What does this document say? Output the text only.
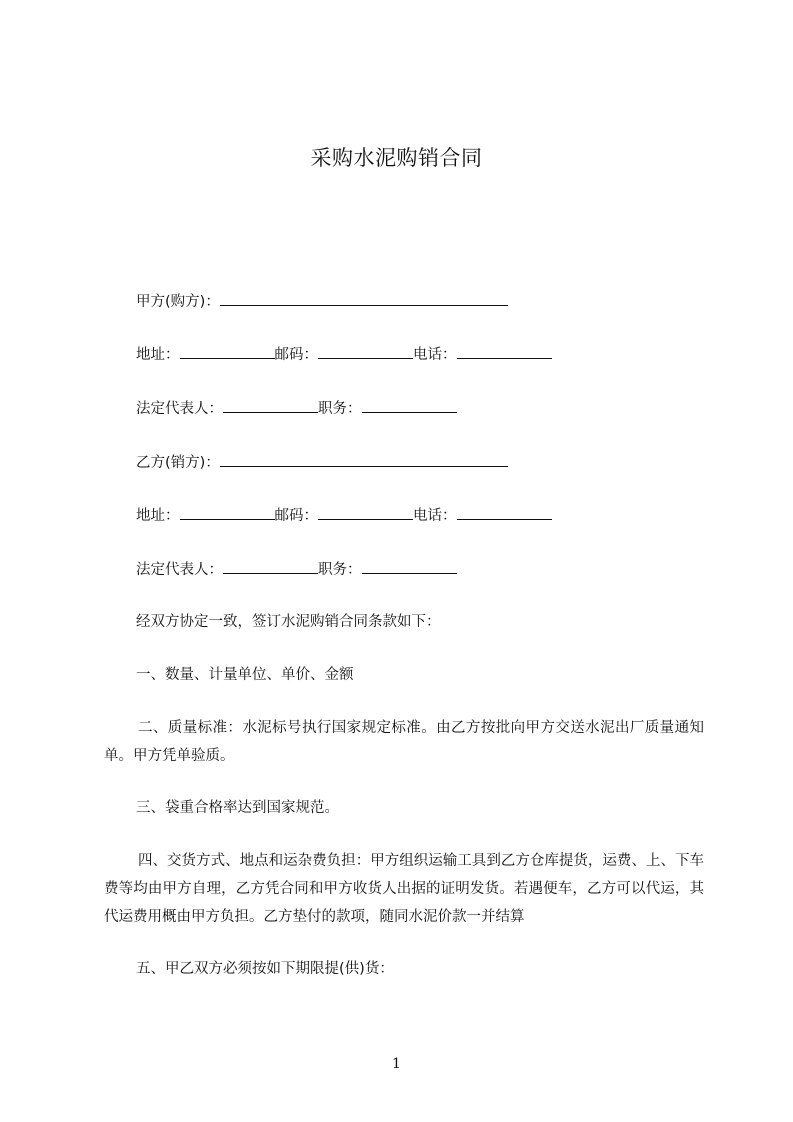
采购水泥购销合同
甲方(购方)：
地址：	邮码：	电话：
法定代表人：	职务：
乙方(销方)：
地址：	邮码：	电话：
法定代表人：	职务：
经双方协定一致，签订水泥购销合同条款如下：
一、数量、计量单位、单价、金额
二、质量标准：水泥标号执行国家规定标准。由乙方按批向甲方交送水泥出厂质量通知单。甲方凭单验质。
三、袋重合格率达到国家规范。
四、交货方式、地点和运杂费负担：甲方组织运输工具到乙方仓库提货，运费、上、下车费等均由甲方自理，乙方凭合同和甲方收货人出据的证明发货。若遇便车，乙方可以代运，其代运费用概由甲方负担。乙方垫付的款项，随同水泥价款一并结算
五、甲乙双方必须按如下期限提(供)货：
1
